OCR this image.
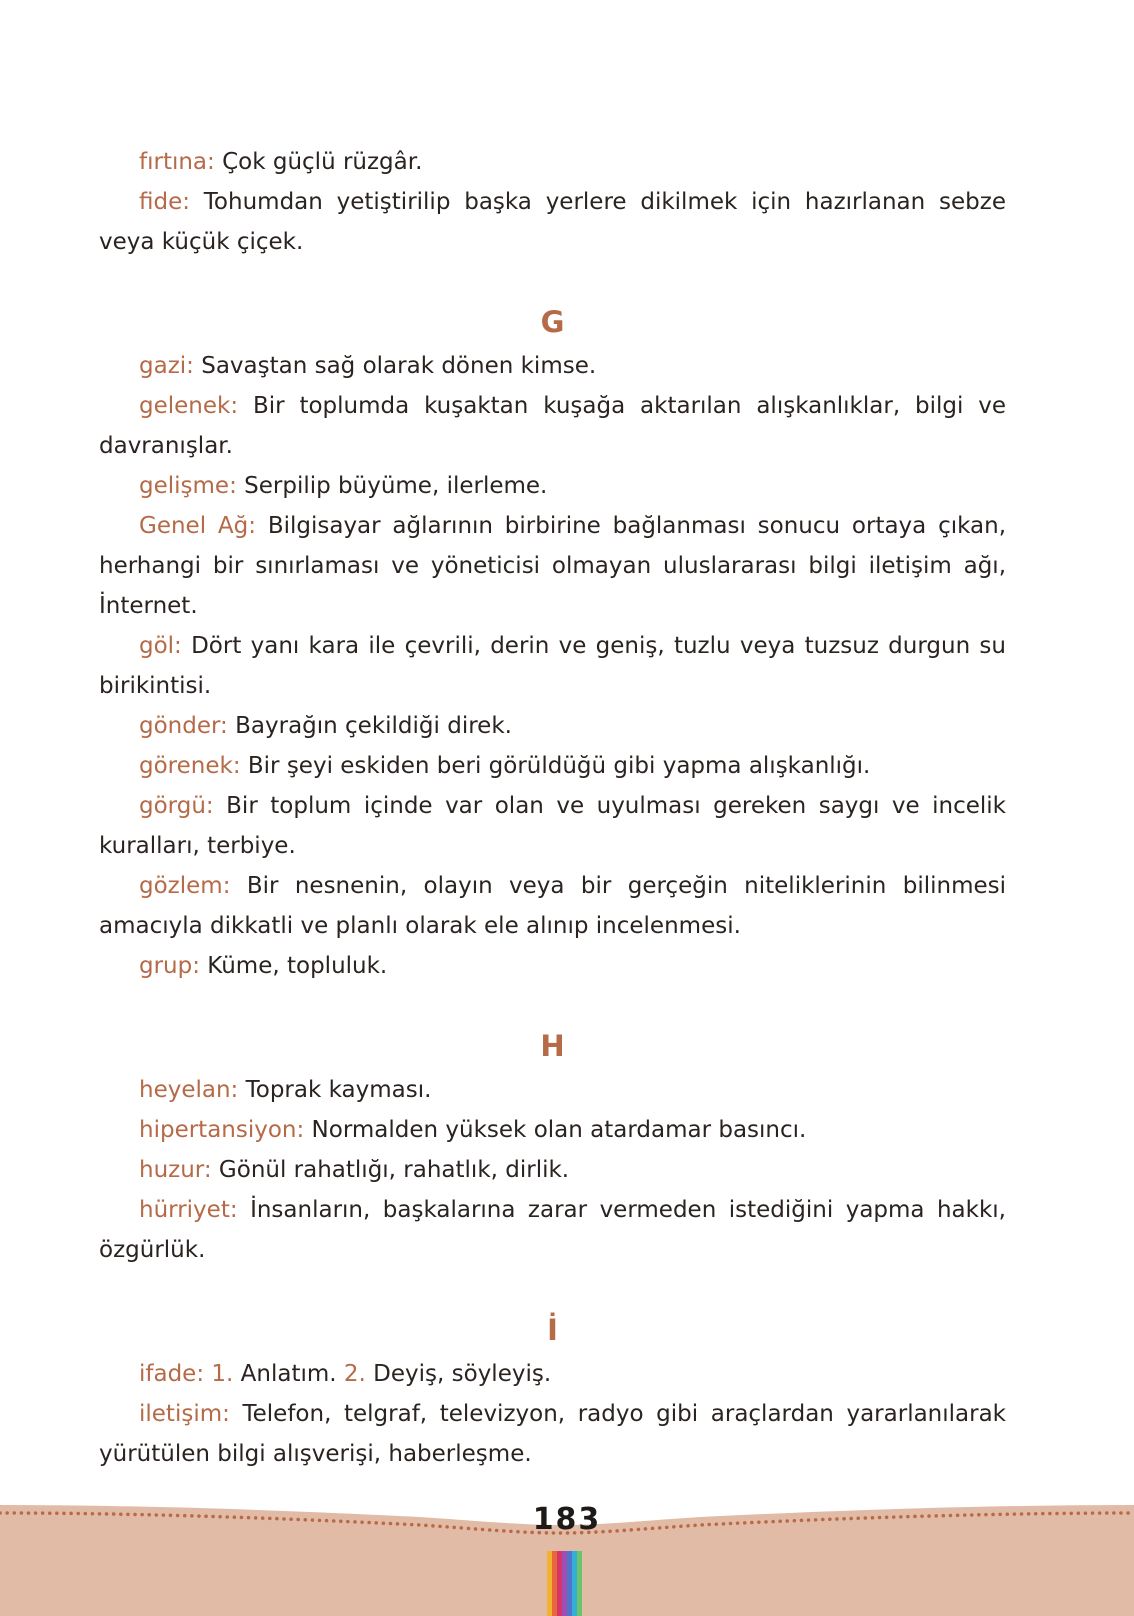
fırtına: Çok güçlü rüzgâr.

fide: Tohumdan yetiştirilip başka yerlere dikilmek için hazırlanan sebze veya küçük çiçek.

G

gazi: Savaştan sağ olarak dönen kimse.

gelenek: Bir toplumda kuşaktan kuşağa aktarılan alışkanlıklar, bilgi ve davranışlar.

gelişme: Serpilip büyüme, ilerleme.

Genel Ağ: Bilgisayar ağlarının birbirine bağlanması sonucu ortaya çıkan, herhangi bir sınırlaması ve yöneticisi olmayan uluslararası bilgi iletişim ağı, İnternet.

göl: Dört yanı kara ile çevrili, derin ve geniş, tuzlu veya tuzsuz durgun su birikintisi.

gönder: Bayrağın çekildiği direk.

görenek: Bir şeyi eskiden beri görüldüğü gibi yapma alışkanlığı.

görgü: Bir toplum içinde var olan ve uyulması gereken saygı ve incelik kuralları, terbiye.

gözlem: Bir nesnenin, olayın veya bir gerçeğin niteliklerinin bilinmesi amacıyla dikkatli ve planlı olarak ele alınıp incelenmesi.

grup: Küme, topluluk.

H

heyelan: Toprak kayması.

hipertansiyon: Normalden yüksek olan atardamar basıncı.

huzur: Gönül rahatlığı, rahatlık, dirlik.

hürriyet: İnsanların, başkalarına zarar vermeden istediğini yapma hakkı, özgürlük.

İ

ifade: 1. Anlatım. 2. Deyiş, söyleyiş.

iletişim: Telefon, telgraf, televizyon, radyo gibi araçlardan yararlanılarak yürütülen bilgi alışverişi, haberleşme.

183
